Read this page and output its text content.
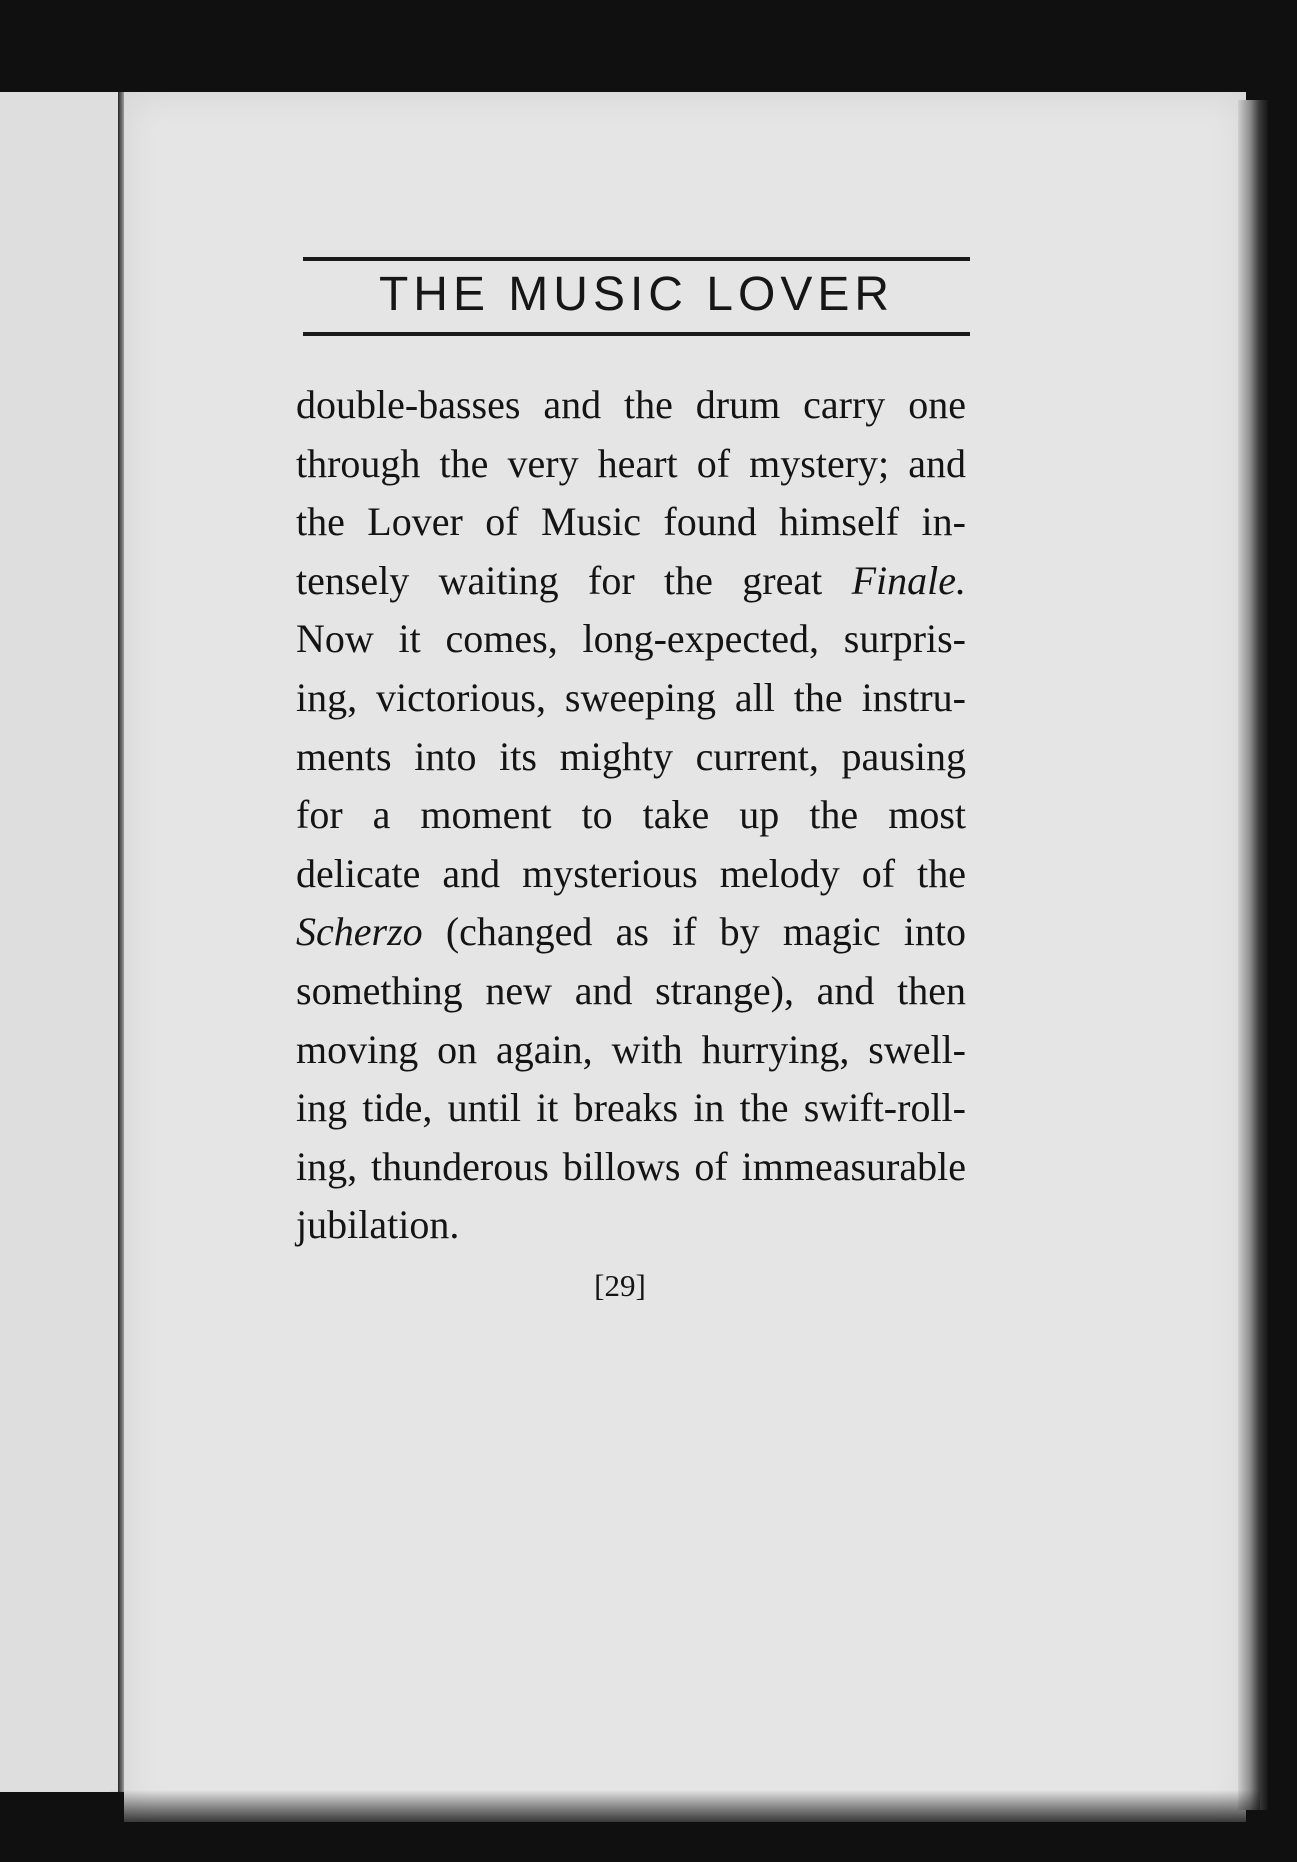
THE MUSIC LOVER
double-basses and the drum carry one
through the very heart of mystery; and
the Lover of Music found himself in-
tensely waiting for the great Finale.
Now it comes, long-expected, surpris-
ing, victorious, sweeping all the instru-
ments into its mighty current, pausing
for a moment to take up the most
delicate and mysterious melody of the
Scherzo (changed as if by magic into
something new and strange), and then
moving on again, with hurrying, swell-
ing tide, until it breaks in the swift-roll-
ing, thunderous billows of immeasurable
jubilation.
[29]
